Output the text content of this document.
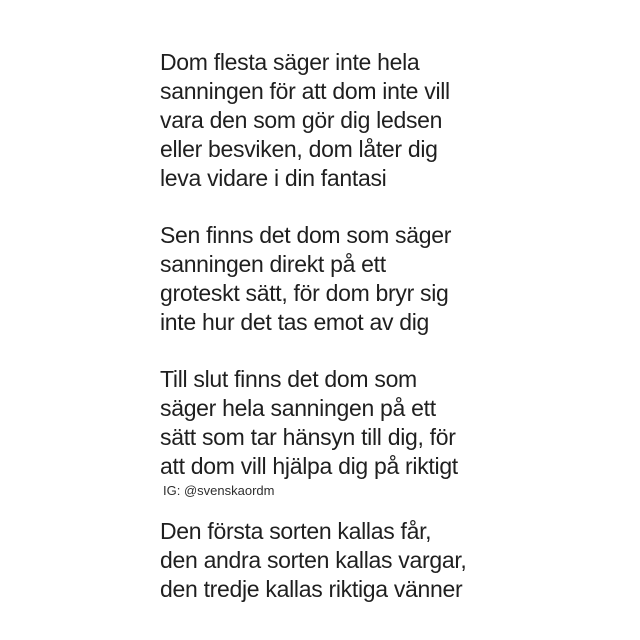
Dom flesta säger inte hela
sanningen för att dom inte vill
vara den som gör dig ledsen
eller besviken, dom låter dig
leva vidare i din fantasi
Sen finns det dom som säger
sanningen direkt på ett
groteskt sätt, för dom bryr sig
inte hur det tas emot av dig
Till slut finns det dom som
säger hela sanningen på ett
sätt som tar hänsyn till dig, för
att dom vill hjälpa dig på riktigt
IG: @svenskaordm
Den första sorten kallas får,
den andra sorten kallas vargar,
den tredje kallas riktiga vänner
